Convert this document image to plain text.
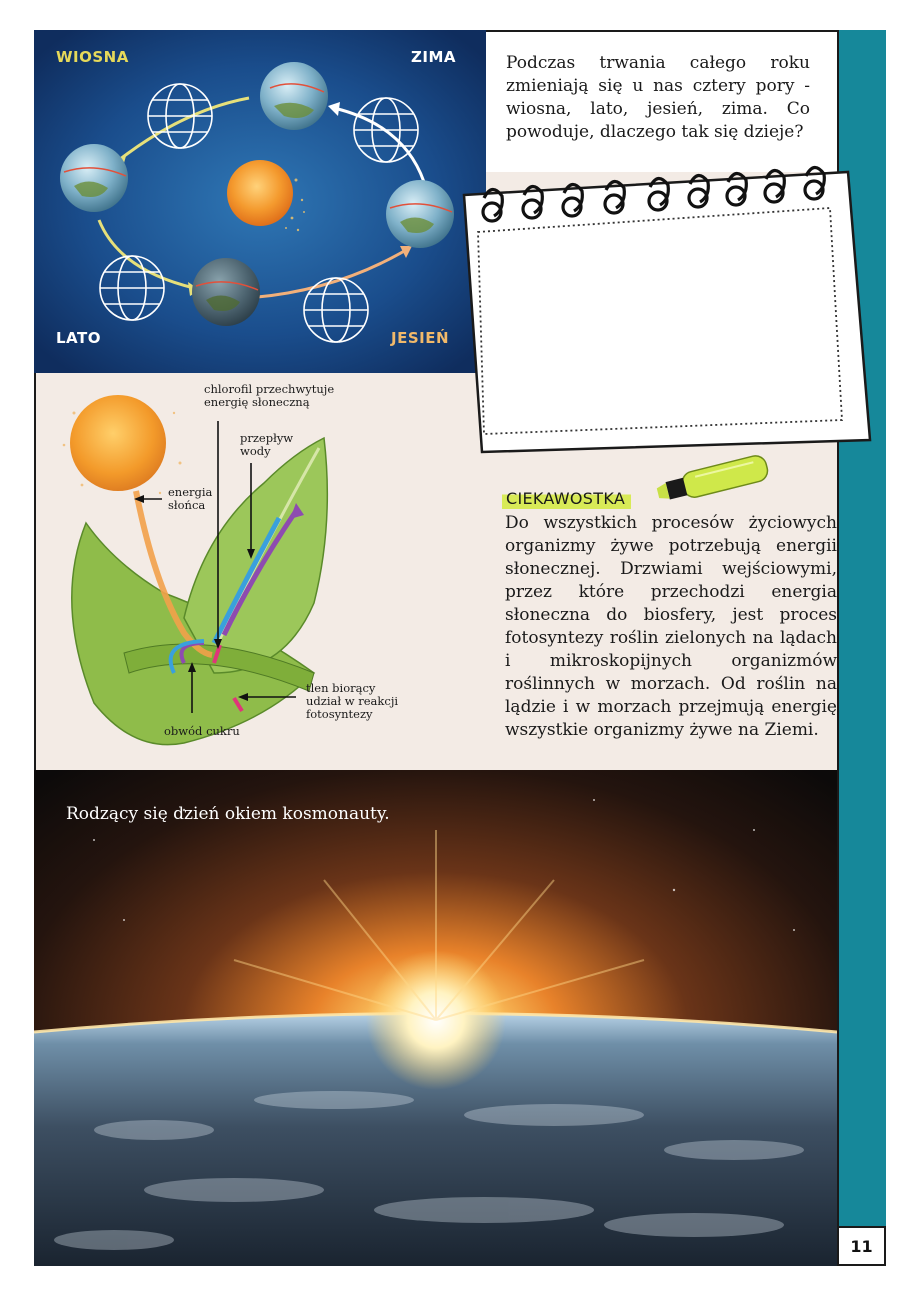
11
WIOSNA	ZIMA
LATO	JESIEŃ
Podczas trwania całego roku zmieniają się u nas cztery pory - wiosna, lato, jesień, zima. Co powoduje, dlaczego tak się dzieje?
chlorofil przechwytuje
energię słoneczną
przepływ
wody
energia
słońca
tlen biorący
udział w reakcji
fotosyntezy
obwód cukru
CIEKAWOSTKA
Do wszystkich procesów życiowych organizmy żywe potrzebują energii słonecznej. Drzwiami wejściowymi, przez które przechodzi energia słoneczna do biosfery, jest proces fotosyntezy roślin zielonych na lądach i mikroskopijnych organizmów roślinnych w morzach. Od roślin na lądzie i w morzach przejmują energię wszystkie organizmy żywe na Ziemi.
Rodzący się dzień okiem kosmonauty.
